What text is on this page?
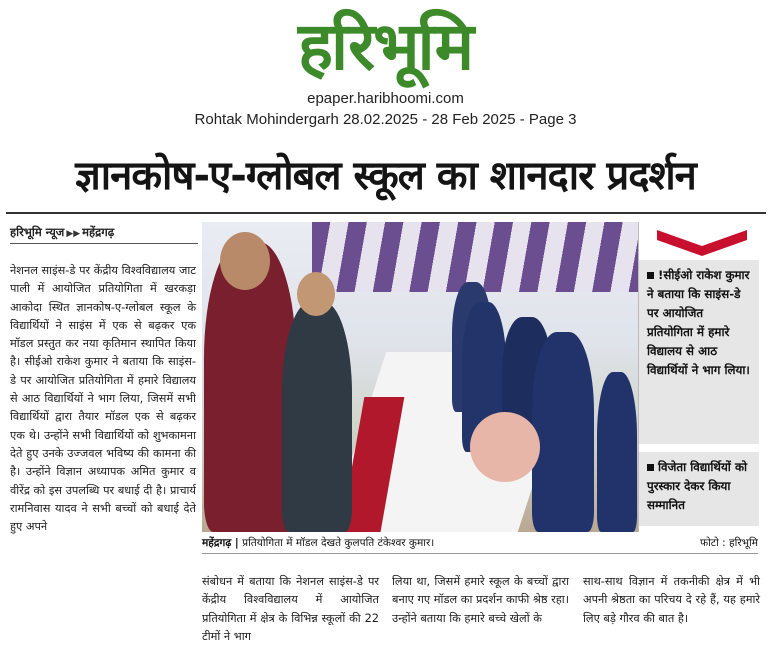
हरिभूमि
epaper.haribhoomi.com
Rohtak Mohindergarh 28.02.2025 - 28 Feb 2025 - Page 3
ज्ञानकोष-ए-ग्लोबल स्कूल का शानदार प्रदर्शन
हरिभूमि न्यूज ▶▶ महेंद्रगढ़
नेशनल साइंस-डे पर केंद्रीय विश्वविद्यालय जाट पाली में आयोजित प्रतियोगिता में खरकड़ा आकोदा स्थित ज्ञानकोष-ए-ग्लोबल स्कूल के विद्यार्थियों ने साइंस में एक से बढ़कर एक मॉडल प्रस्तुत कर नया कृतिमान स्थापित किया है। सीईओ राकेश कुमार ने बताया कि साइंस-डे पर आयोजित प्रतियोगिता में हमारे विद्यालय से आठ विद्यार्थियों ने भाग लिया, जिसमें सभी विद्यार्थियों द्वारा तैयार मॉडल एक से बढ़कर एक थे। उन्होंने सभी विद्यार्थियों को शुभकामना देते हुए उनके उज्जवल भविष्य की कामना की है। उन्होंने विज्ञान अध्यापक अमित कुमार व वीरेंद्र को इस उपलब्धि पर बधाई दी है। प्राचार्य रामनिवास यादव ने सभी बच्चों को बधाई देते हुए अपने
!सीईओ राकेश कुमार ने बताया कि साइंस-डे पर आयोजित प्रतियोगिता में हमारे विद्यालय से आठ विद्यार्थियों ने भाग लिया।
विजेता विद्यार्थियों को पुरस्कार देकर किया सम्मानित
महेंद्रगढ़ | प्रतियोगिता में मॉडल देखते कुलपति टंकेश्वर कुमार।	फोटो : हरिभूमि
संबोधन में बताया कि नेशनल साइंस-डे पर केंद्रीय विश्वविद्यालय में आयोजित प्रतियोगिता में क्षेत्र के विभिन्न स्कूलों की 22 टीमों ने भाग
लिया था, जिसमें हमारे स्कूल के बच्चों द्वारा बनाए गए मॉडल का प्रदर्शन काफी श्रेष्ठ रहा। उन्होंने बताया कि हमारे बच्चे खेलों के
साथ-साथ विज्ञान में तकनीकी क्षेत्र में भी अपनी श्रेष्ठता का परिचय दे रहे हैं, यह हमारे लिए बड़े गौरव की बात है।
